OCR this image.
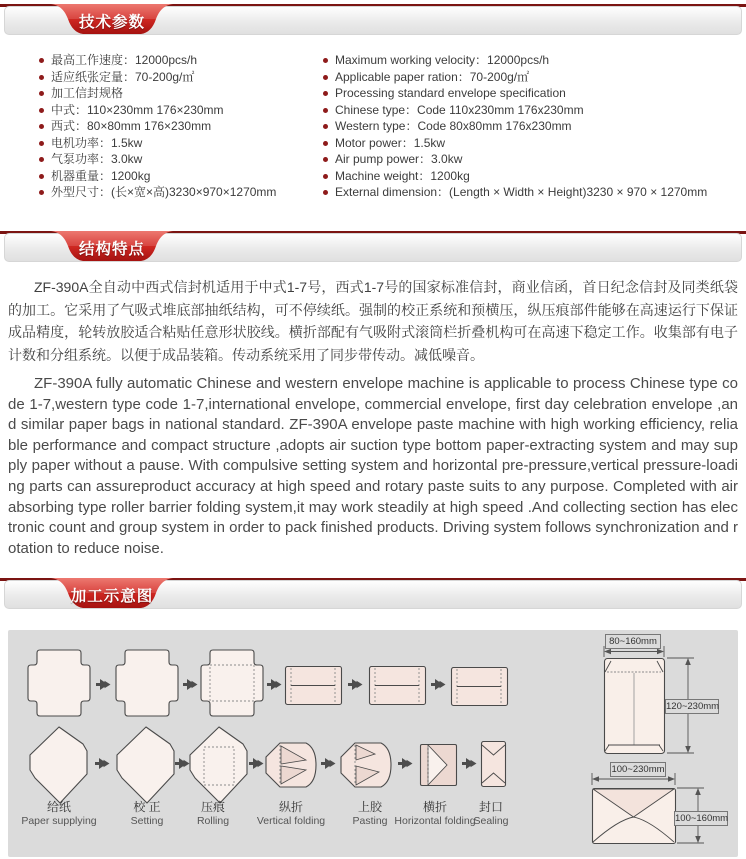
技术参数
最高工作速度：12000pcs/h
适应纸张定量：70-200g/㎡
加工信封规格
中式：110×230mm 176×230mm
西式：80×80mm 176×230mm
电机功率：1.5kw
气泵功率：3.0kw
机器重量：1200kg
外型尺寸：(长×宽×高)3230×970×1270mm
Maximum working velocity：12000pcs/h
Applicable paper ration：70-200g/㎡
Processing standard envelope specification
Chinese type：Code 110x230mm 176x230mm
Western type：Code 80x80mm 176x230mm
Motor power：1.5kw
Air pump power：3.0kw
Machine weight：1200kg
External dimension：(Length × Width × Height)3230 × 970 × 1270mm
结构特点

ZF-390A全自动中西式信封机适用于中式1-7号，西式1-7号的国家标准信封，商业信函，首日纪念信封及同类纸袋的加工。它采用了气吸式堆底部抽纸结构，可不停续纸。强制的校正系统和预横压，纵压痕部件能够在高速运行下保证成品精度，轮转放胶适合粘贴任意形状胶线。横折部配有气吸附式滚筒栏折叠机构可在高速下稳定工作。收集部有电子计数和分组系统。以便于成品装箱。传动系统采用了同步带传动。减低噪音。

ZF-390A fully automatic Chinese and western envelope machine is applicable to process Chinese type code 1-7,western type code 1-7,international envelope, commercial envelope, first day celebration envelope ,and similar paper bags in national standard. ZF-390A envelope paste machine with high working efficiency, reliable performance and compact structure ,adopts air suction type bottom paper-extracting system and may supply paper without a pause. With compulsive setting system and horizontal pre-pressure,vertical pressure-loading parts can assureproduct accuracy at high speed and rotary paste suits to any purpose. Completed with air absorbing type roller barrier folding system,it may work steadily at high speed .And collecting section has electronic count and group system in order to pack finished products. Driving system follows synchronization and rotation to reduce noise.

加工示意图
给纸
Paper supplying
校 正
Setting
压痕
Rolling
纵折
Vertical folding
上胶
Pasting
横折
Horizontal folding
封口
Sealing
80~160mm
120~230mm
100~230mm
100~160mm
